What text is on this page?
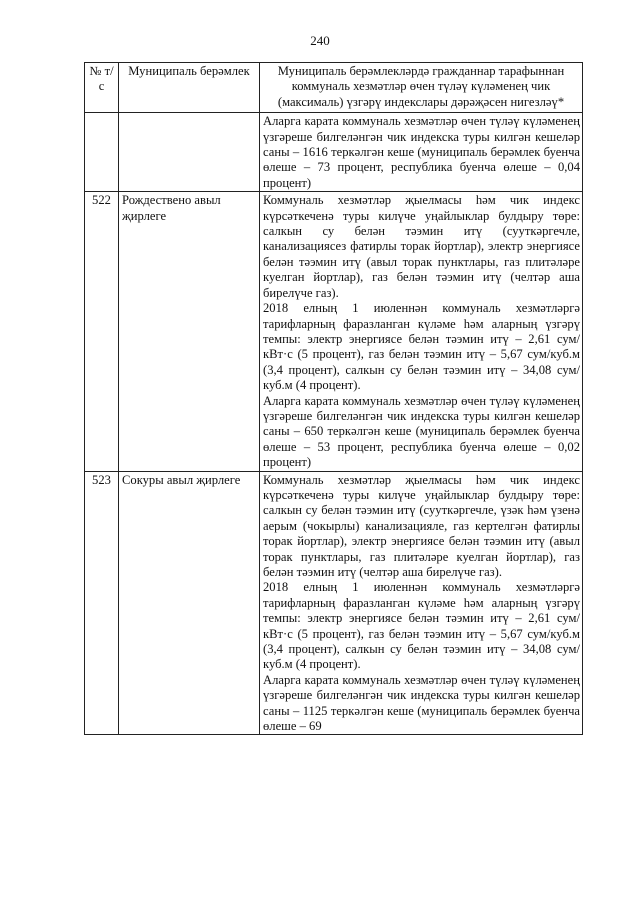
240
№ т/с	Муниципаль берәмлек	Муниципаль берәмлекләрдә гражданнар тарафыннан коммуналь хезмәтләр өчен түләү күләменең чик (максималь) үзгәрү индекслары дәрәҗәсен нигезләү*
		Аларга карата коммуналь хезмәтләр өчен түләү күләменең үзгәреше билгеләнгән чик индекска туры килгән кешеләр саны – 1616 теркәлгән кеше (муниципаль берәмлек буенча өлеше – 73 процент, республика буенча өлеше – 0,04 процент)
522	Рождествено авыл җирлеге	Коммуналь хезмәтләр җыелмасы һәм чик индекс күрсәткеченә туры килүче уңайлыклар булдыру төре: салкын су белән тәэмин итү (сууткәргечле, канализациясез фатирлы торак йортлар), электр энергиясе белән тәэмин итү (авыл торак пунктлары, газ плитәләре куелган йортлар), газ белән тәэмин итү (челтәр аша бирелүче газ).
2018 елның 1 июленнән коммуналь хезмәтләргә тарифларның фаразланган күләме һәм аларның үзгәрү темпы: электр энергиясе белән тәэмин итү – 2,61 сум/кВт·с (5 процент), газ белән тәэмин итү – 5,67 сум/куб.м (3,4 процент), салкын су белән тәэмин итү – 34,08 сум/куб.м (4 процент).
Аларга карата коммуналь хезмәтләр өчен түләү күләменең үзгәреше билгеләнгән чик индекска туры килгән кешеләр саны – 650 теркәлгән кеше (муниципаль берәмлек буенча өлеше – 53 процент, республика буенча өлеше – 0,02 процент)

523	Сокуры авыл җирлеге	Коммуналь хезмәтләр җыелмасы һәм чик индекс күрсәткеченә туры килүче уңайлыклар булдыру төре: салкын су белән тәэмин итү (сууткәргечле, үзәк һәм үзенә аерым (чокырлы) канализацияле, газ кертелгән фатирлы торак йортлар), электр энергиясе белән тәэмин итү (авыл торак пунктлары, газ плитәләре куелган йортлар), газ белән тәэмин итү (челтәр аша бирелүче газ).
2018 елның 1 июленнән коммуналь хезмәтләргә тарифларның фаразланган күләме һәм аларның үзгәрү темпы: электр энергиясе белән тәэмин итү – 2,61 сум/кВт·с (5 процент), газ белән тәэмин итү – 5,67 сум/куб.м (3,4 процент), салкын су белән тәэмин итү – 34,08 сум/куб.м (4 процент).
Аларга карата коммуналь хезмәтләр өчен түләү күләменең үзгәреше билгеләнгән чик индекска туры килгән кешеләр саны – 1125 теркәлгән кеше (муниципаль берәмлек буенча өлеше – 69
